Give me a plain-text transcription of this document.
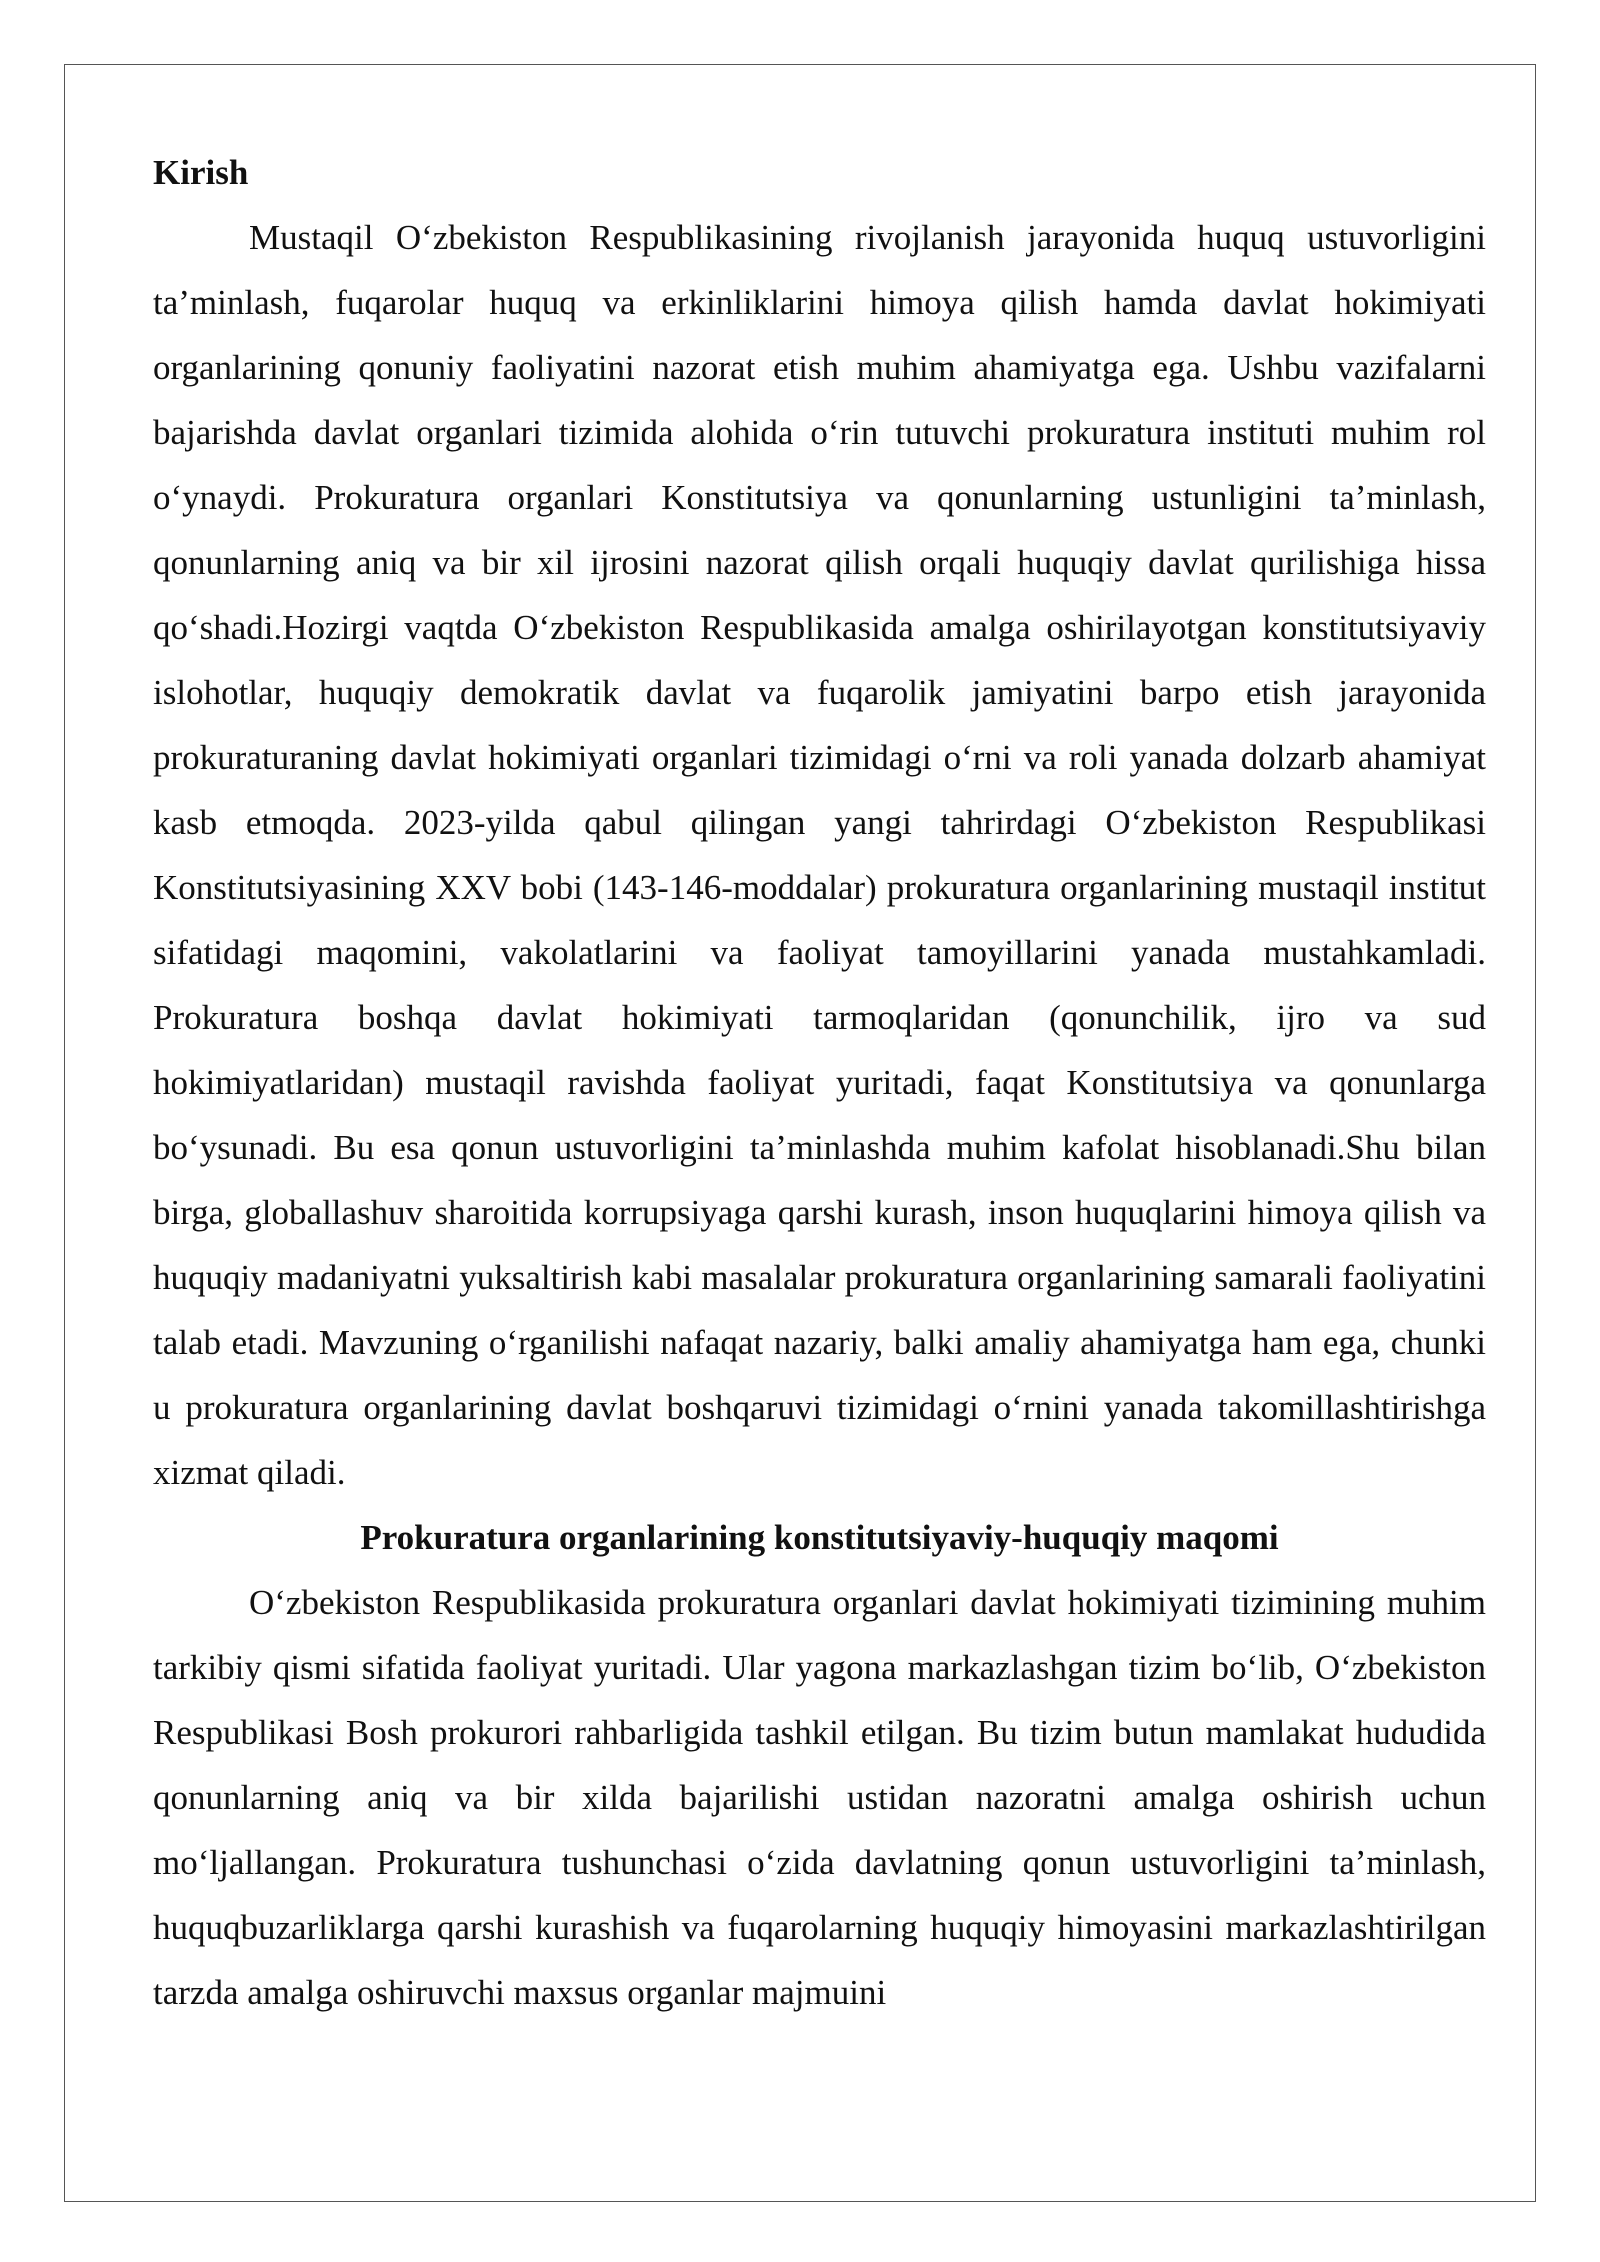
Kirish

Mustaqil O‘zbekiston Respublikasining rivojlanish jarayonida huquq ustuvorligini ta’minlash, fuqarolar huquq va erkinliklarini himoya qilish hamda davlat hokimiyati organlarining qonuniy faoliyatini nazorat etish muhim ahamiyatga ega. Ushbu vazifalarni bajarishda davlat organlari tizimida alohida o‘rin tutuvchi prokuratura instituti muhim rol o‘ynaydi. Prokuratura organlari Konstitutsiya va qonunlarning ustunligini ta’minlash, qonunlarning aniq va bir xil ijrosini nazorat qilish orqali huquqiy davlat qurilishiga hissa qo‘shadi.Hozirgi vaqtda O‘zbekiston Respublikasida amalga oshirilayotgan konstitutsiyaviy islohotlar, huquqiy demokratik davlat va fuqarolik jamiyatini barpo etish jarayonida prokuraturaning davlat hokimiyati organlari tizimidagi o‘rni va roli yanada dolzarb ahamiyat kasb etmoqda. 2023-yilda qabul qilingan yangi tahrirdagi O‘zbekiston Respublikasi Konstitutsiyasining XXV bobi (143-146-moddalar) prokuratura organlarining mustaqil institut sifatidagi maqomini, vakolatlarini va faoliyat tamoyillarini yanada mustahkamladi. Prokuratura boshqa davlat hokimiyati tarmoqlaridan (qonunchilik, ijro va sud hokimiyatlaridan) mustaqil ravishda faoliyat yuritadi, faqat Konstitutsiya va qonunlarga bo‘ysunadi. Bu esa qonun ustuvorligini ta’minlashda muhim kafolat hisoblanadi.Shu bilan birga, globallashuv sharoitida korrupsiyaga qarshi kurash, inson huquqlarini himoya qilish va huquqiy madaniyatni yuksaltirish kabi masalalar prokuratura organlarining samarali faoliyatini talab etadi. Mavzuning o‘rganilishi nafaqat nazariy, balki amaliy ahamiyatga ham ega, chunki u prokuratura organlarining davlat boshqaruvi tizimidagi o‘rnini yanada takomillashtirishga xizmat qiladi.

Prokuratura organlarining konstitutsiyaviy-huquqiy maqomi

O‘zbekiston Respublikasida prokuratura organlari davlat hokimiyati tizimining muhim tarkibiy qismi sifatida faoliyat yuritadi. Ular yagona markazlashgan tizim bo‘lib, O‘zbekiston Respublikasi Bosh prokurori rahbarligida tashkil etilgan. Bu tizim butun mamlakat hududida qonunlarning aniq va bir xilda bajarilishi ustidan nazoratni amalga oshirish uchun mo‘ljallangan. Prokuratura tushunchasi o‘zida davlatning qonun ustuvorligini ta’minlash, huquqbuzarliklarga qarshi kurashish va fuqarolarning huquqiy himoyasini markazlashtirilgan tarzda amalga oshiruvchi maxsus organlar majmuini
